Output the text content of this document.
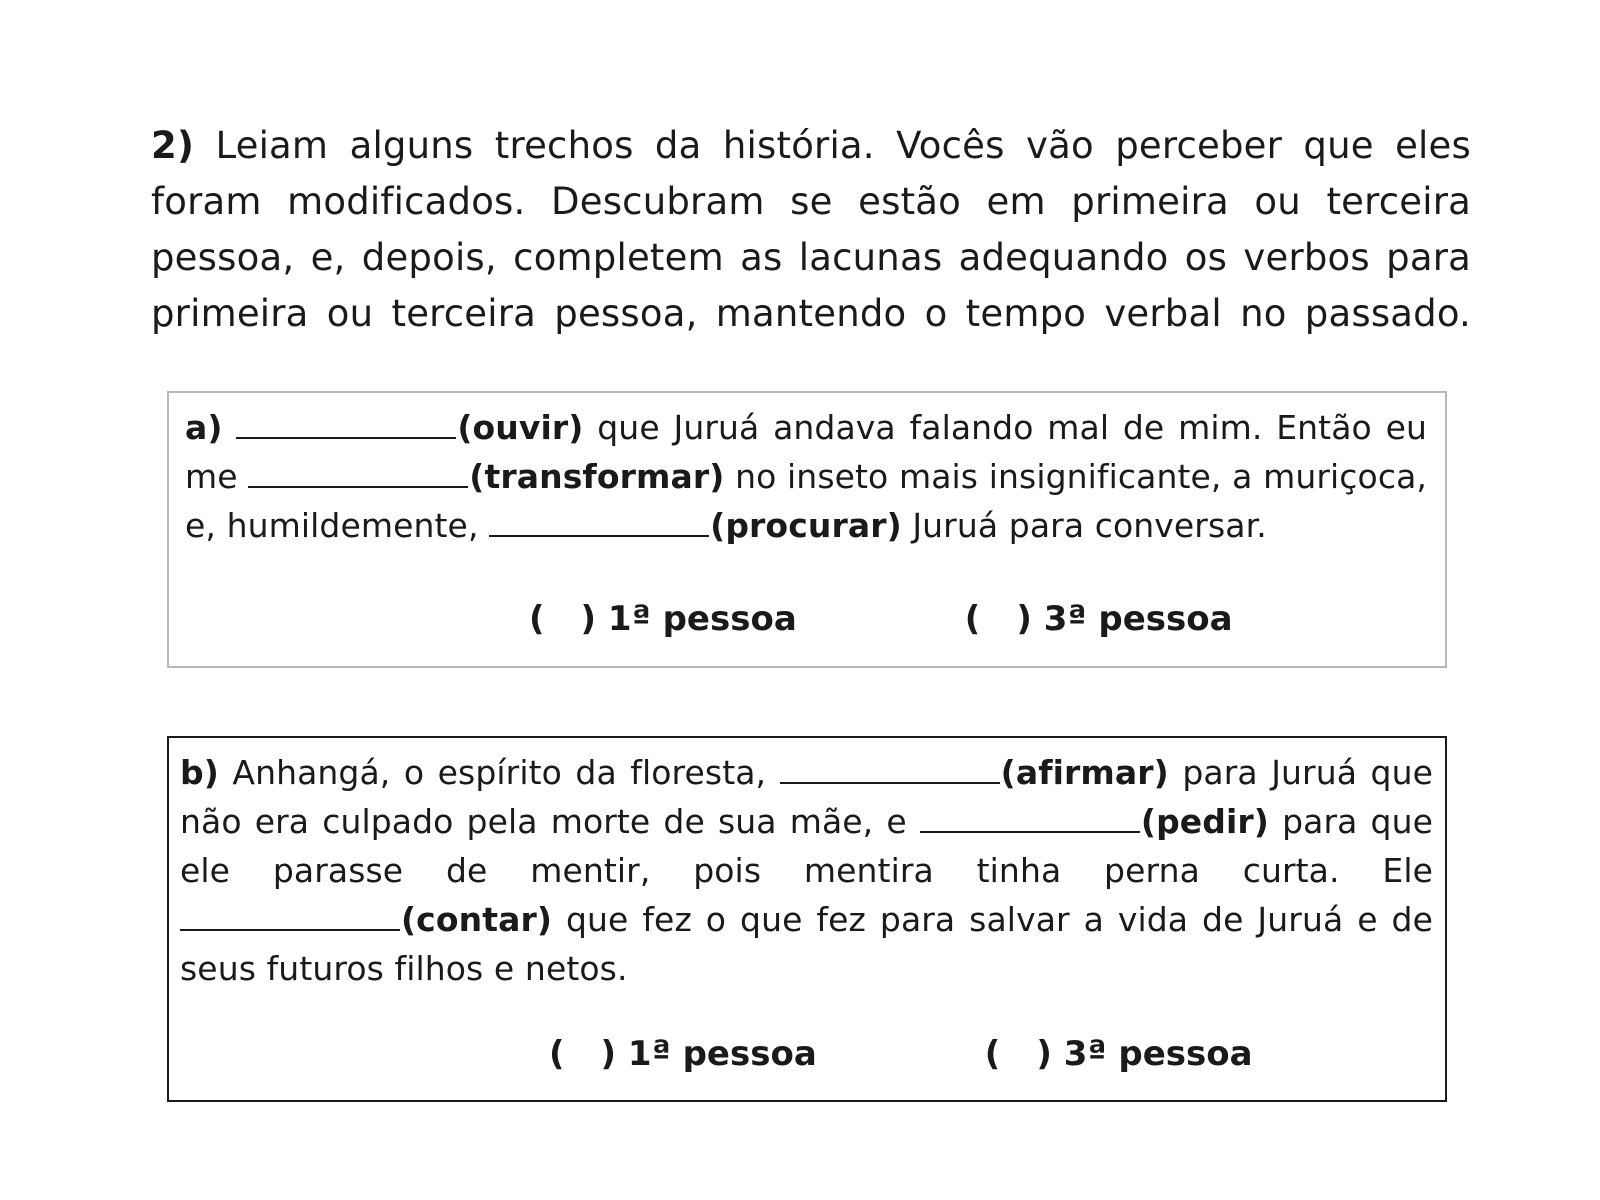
2) Leiam alguns trechos da história. Vocês vão perceber que eles foram modificados. Descubram se estão em primeira ou terceira pessoa, e, depois, completem as lacunas adequando os verbos para primeira ou terceira pessoa, mantendo o tempo verbal no passado.
a)	(ouvir) que Juruá andava falando mal de mim. Então eu
me	(transformar) no inseto mais insignificante, a muriçoca,
e, humildemente,	(procurar) Juruá para conversar.
( ) 1ª pessoa	( ) 3ª pessoa
b) Anhangá, o espírito da floresta,	(afirmar) para Juruá que
não era culpado pela morte de sua mãe, e	(pedir) para que
ele parasse de mentir, pois mentira tinha perna curta. Ele
(contar) que fez o que fez para salvar a vida de Juruá e de
seus futuros filhos e netos.
( ) 1ª pessoa	( ) 3ª pessoa
